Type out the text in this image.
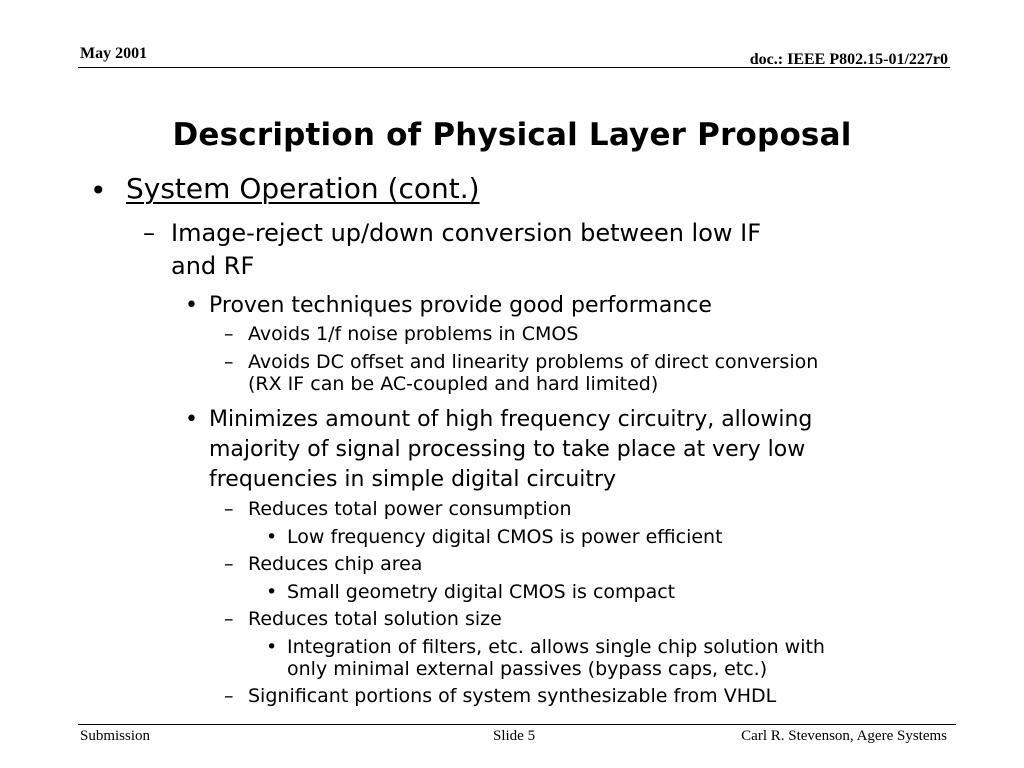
May 2001	doc.: IEEE P802.15-01/227r0
Description of Physical Layer Proposal
• System Operation (cont.)
– Image-reject up/down conversion between low IF
and RF
• Proven techniques provide good performance
– Avoids 1/f noise problems in CMOS
– Avoids DC offset and linearity problems of direct conversion
(RX IF can be AC-coupled and hard limited)
• Minimizes amount of high frequency circuitry, allowing
majority of signal processing to take place at very low
frequencies in simple digital circuitry
– Reduces total power consumption
• Low frequency digital CMOS is power efficient
– Reduces chip area
• Small geometry digital CMOS is compact
– Reduces total solution size
• Integration of filters, etc. allows single chip solution with
only minimal external passives (bypass caps, etc.)
– Significant portions of system synthesizable from VHDL
Submission	Slide 5	Carl R. Stevenson, Agere Systems
